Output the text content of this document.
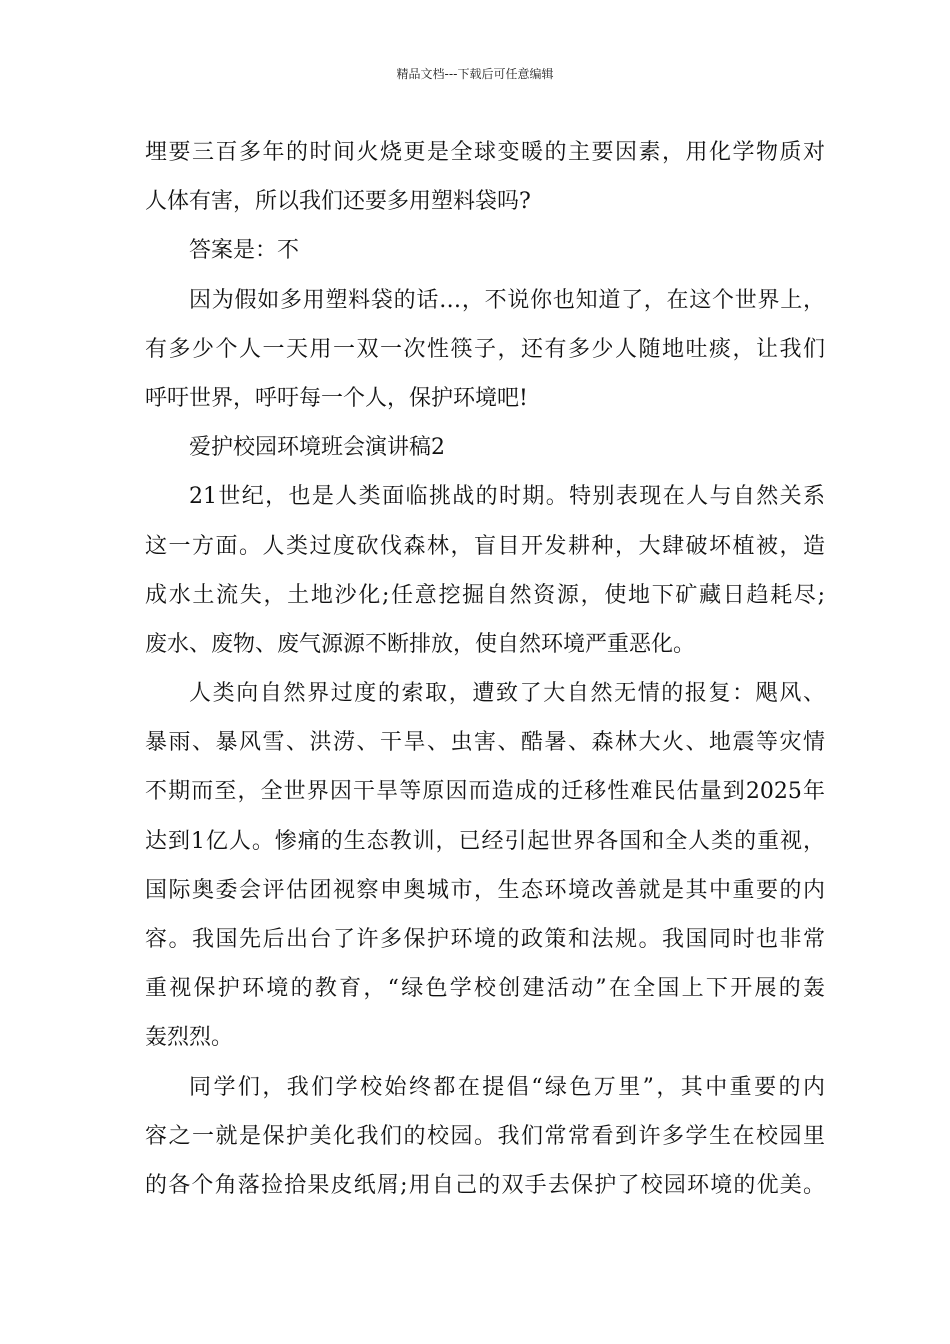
精品文档---下载后可任意编辑
埋要三百多年的时间火烧更是全球变暖的主要因素，用化学物质对
人体有害，所以我们还要多用塑料袋吗?
答案是：不
因为假如多用塑料袋的话…，不说你也知道了，在这个世界上，
有多少个人一天用一双一次性筷子，还有多少人随地吐痰，让我们
呼吁世界，呼吁每一个人，保护环境吧!
爱护校园环境班会演讲稿2
21世纪，也是人类面临挑战的时期。特别表现在人与自然关系
这一方面。人类过度砍伐森林，盲目开发耕种，大肆破坏植被，造
成水土流失，土地沙化;任意挖掘自然资源，使地下矿藏日趋耗尽;
废水、废物、废气源源不断排放，使自然环境严重恶化。
人类向自然界过度的索取，遭致了大自然无情的报复：飓风、
暴雨、暴风雪、洪涝、干旱、虫害、酷暑、森林大火、地震等灾情
不期而至，全世界因干旱等原因而造成的迁移性难民估量到2025年
达到1亿人。惨痛的生态教训，已经引起世界各国和全人类的重视，
国际奥委会评估团视察申奥城市，生态环境改善就是其中重要的内
容。我国先后出台了许多保护环境的政策和法规。我国同时也非常
重视保护环境的教育，“绿色学校创建活动”在全国上下开展的轰
轰烈烈。
同学们，我们学校始终都在提倡“绿色万里”，其中重要的内
容之一就是保护美化我们的校园。我们常常看到许多学生在校园里
的各个角落捡拾果皮纸屑;用自己的双手去保护了校园环境的优美。
